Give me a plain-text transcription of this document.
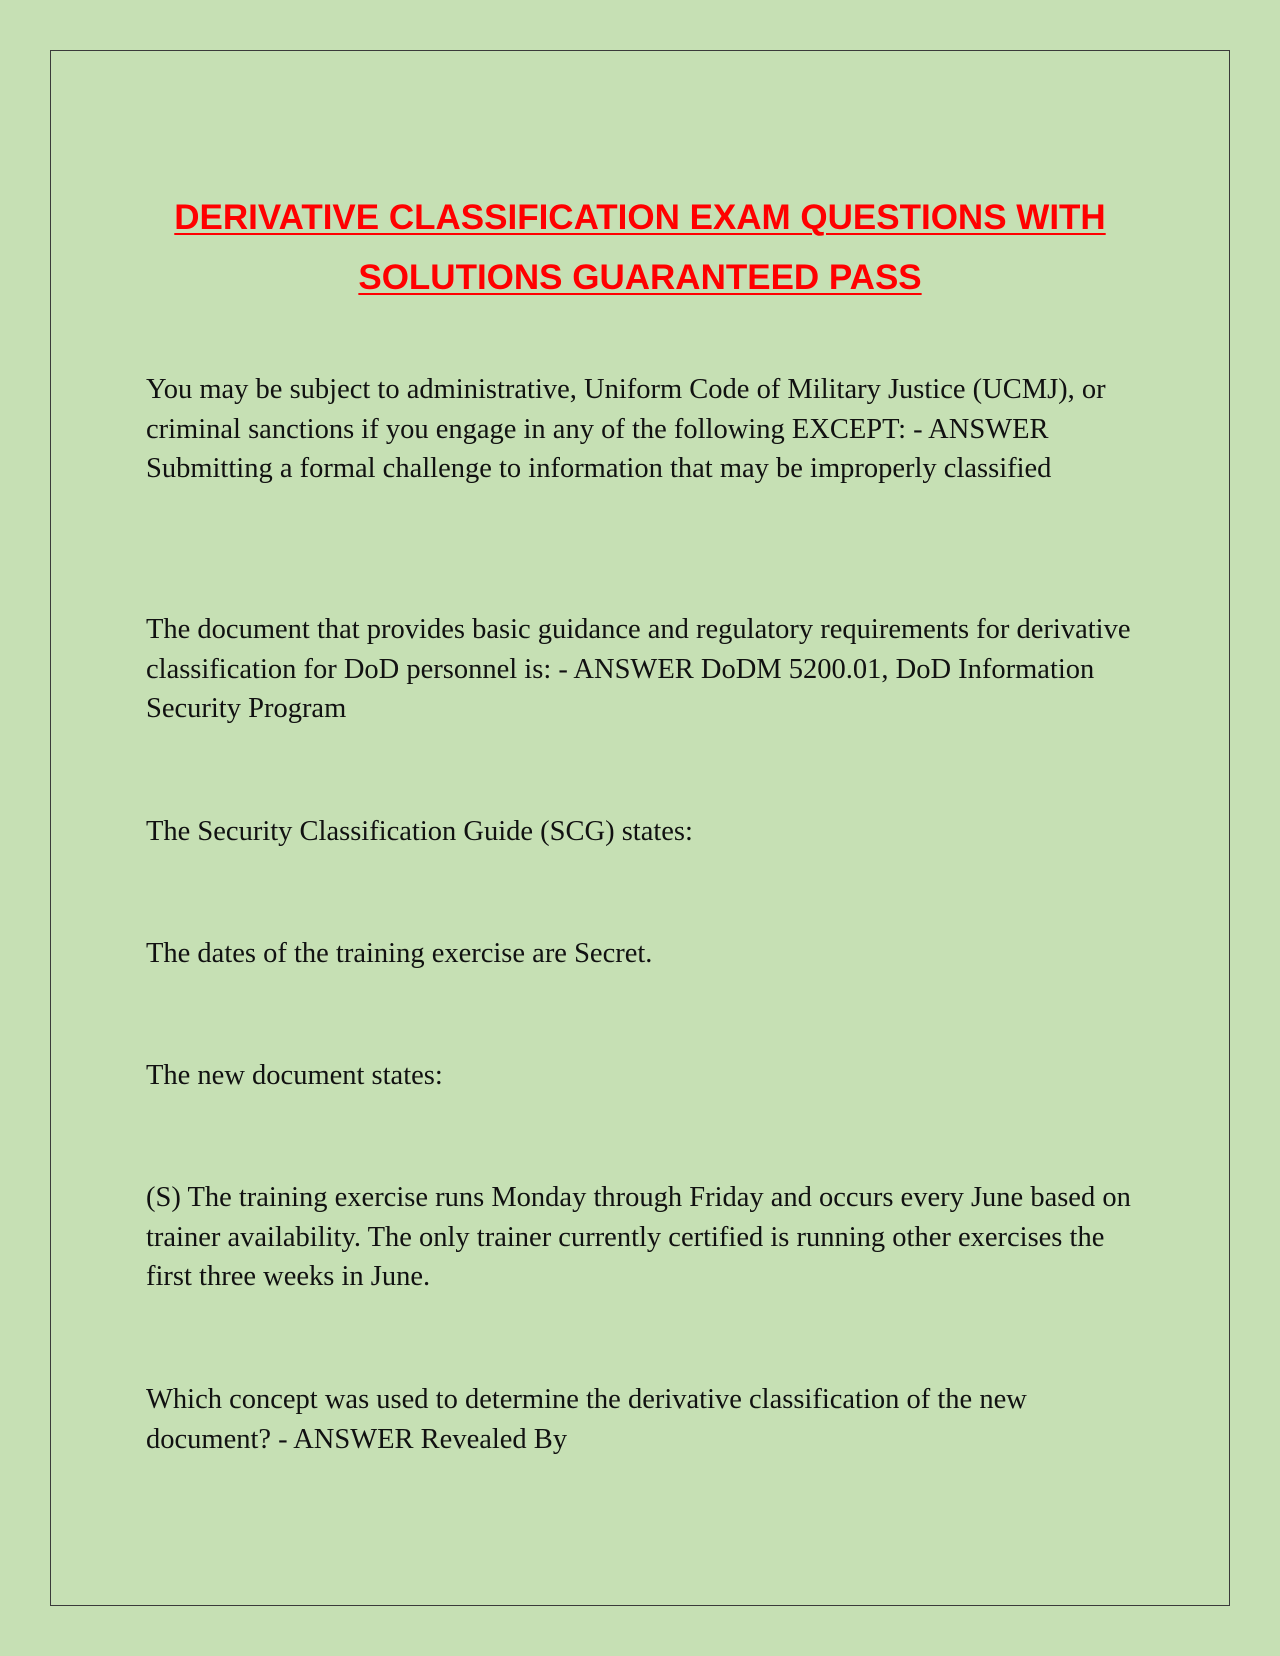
DERIVATIVE CLASSIFICATION EXAM QUESTIONS WITH
SOLUTIONS GUARANTEED PASS

You may be subject to administrative, Uniform Code of Military Justice (UCMJ), or criminal sanctions if you engage in any of the following EXCEPT: - ANSWER Submitting a formal challenge to information that may be improperly classified

The document that provides basic guidance and regulatory requirements for derivative classification for DoD personnel is: - ANSWER DoDM 5200.01, DoD Information Security Program

The Security Classification Guide (SCG) states:

The dates of the training exercise are Secret.

The new document states:

(S) The training exercise runs Monday through Friday and occurs every June based on trainer availability. The only trainer currently certified is running other exercises the first three weeks in June.

Which concept was used to determine the derivative classification of the new document? - ANSWER Revealed By
